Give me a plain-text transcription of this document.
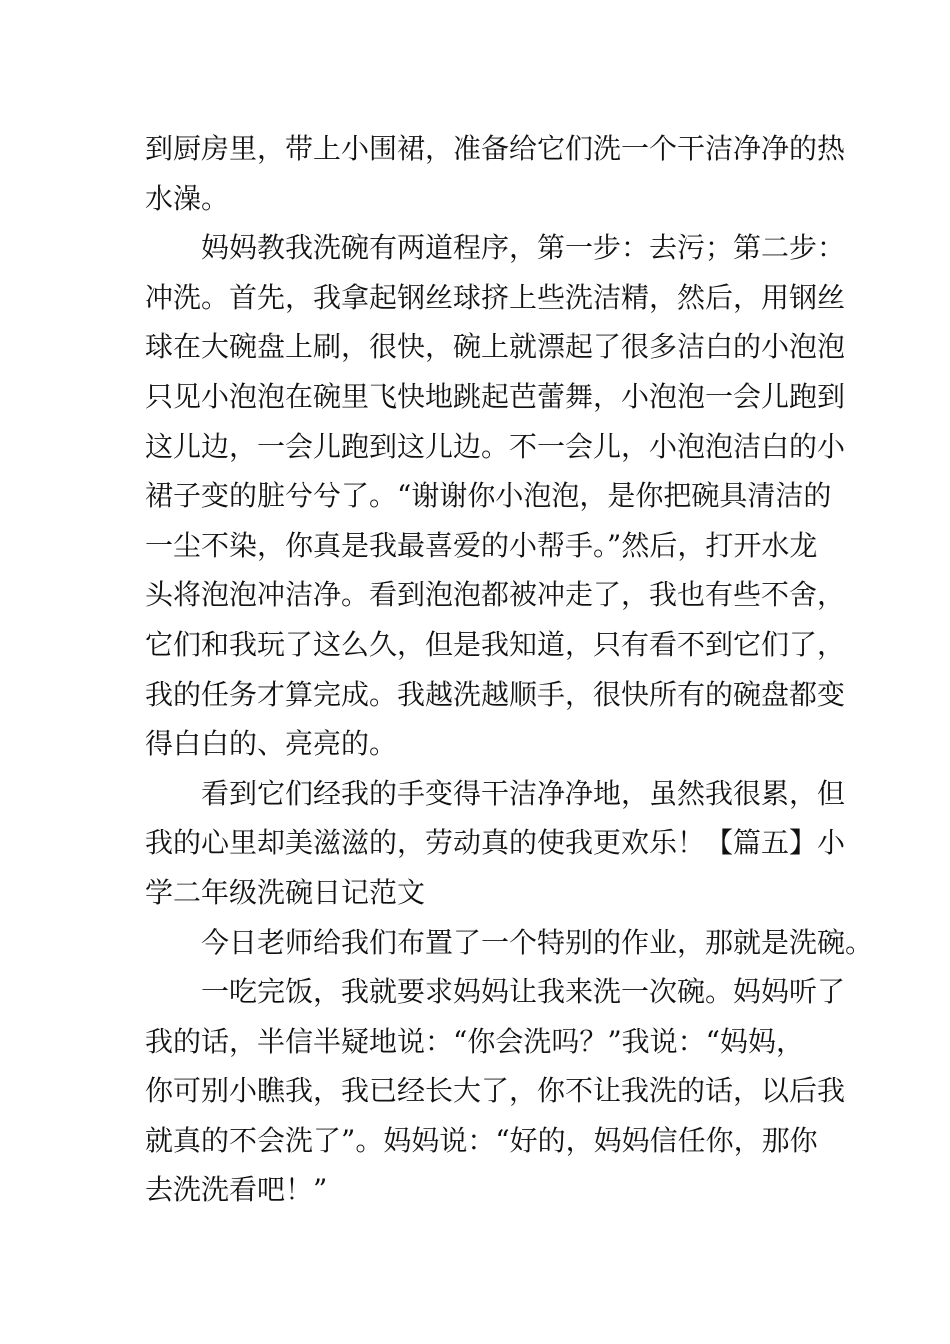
到厨房里，带上小围裙，准备给它们洗一个干洁净净的热
水澡。
　　妈妈教我洗碗有两道程序，第一步：去污；第二步：
冲洗。首先，我拿起钢丝球挤上些洗洁精，然后，用钢丝
球在大碗盘上刷，很快，碗上就漂起了很多洁白的小泡泡
只见小泡泡在碗里飞快地跳起芭蕾舞，小泡泡一会儿跑到
这儿边，一会儿跑到这儿边。不一会儿，小泡泡洁白的小
裙子变的脏兮兮了。“谢谢你小泡泡，是你把碗具清洁的
一尘不染，你真是我最喜爱的小帮手。”然后，打开水龙
头将泡泡冲洁净。看到泡泡都被冲走了，我也有些不舍，
它们和我玩了这么久，但是我知道，只有看不到它们了，
我的任务才算完成。我越洗越顺手，很快所有的碗盘都变
得白白的、亮亮的。
　　看到它们经我的手变得干洁净净地，虽然我很累，但
我的心里却美滋滋的，劳动真的使我更欢乐！【篇五】小
学二年级洗碗日记范文
　　今日老师给我们布置了一个特别的作业，那就是洗碗。
　　一吃完饭，我就要求妈妈让我来洗一次碗。妈妈听了
我的话，半信半疑地说：“你会洗吗？”我说：“妈妈，
你可别小瞧我，我已经长大了，你不让我洗的话，以后我
就真的不会洗了”。妈妈说：“好的，妈妈信任你，那你
去洗洗看吧！”
